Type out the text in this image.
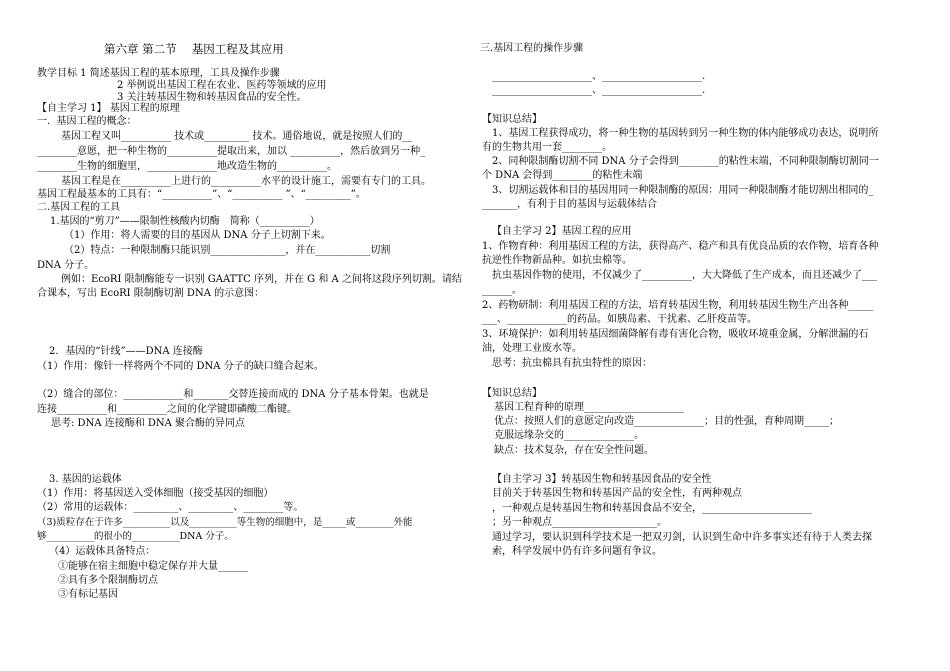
第六章 第二节　 基因工程及其应用
教学目标 1 简述基因工程的基本原理，工具及操作步骤
2 举例说出基因工程在农业、医药等领域的应用
3 关注转基因生物和转基因食品的安全性。
【自主学习 1】 基因工程的原理
一.  基因工程的概念：
基因工程又叫__________ 技术或_________ 技术。通俗地说，就是按照人们的__
________意愿，把一种生物的__________提取出来，加以 __________，然后放到另一种_
________生物的细胞里，______________地改造生物的__________。
基因工程是在__________上进行的__________水平的设计施工，需要有专门的工具。
基因工程最基本的工具有：“__________”、“__________ ”、“_________”。
二.基因工程的工具
1.基因的“剪刀”——限制性核酸内切酶　简称（__________）
（1）作用：将人需要的目的基因从 DNA 分子上切割下来。
（2）特点：一种限制酶只能识别_______________，并在___________切割
DNA 分子。
例如：EcoRI 限制酶能专一识别 GAATTC 序列，并在 G 和 A 之间将这段序列切割。请结
合课本，写出 EcoRI 限制酶切割 DNA 的示意图：
2．基因的“针线”——DNA 连接酶
（1）作用：像针一样将两个不同的 DNA 分子的缺口缝合起来。
（2）缝合的部位：____________和_______交替连接而成的 DNA 分子基本骨架。也就是
连接__________和__________之间的化学键即磷酸二酯键。
思考: DNA 连接酶和 DNA 聚合酶的异同点
3. 基因的运载体
（1）作用：将基因送入受体细胞（接受基因的细胞）
（2）常用的运载体：_________、_________、________等。
（3)质粒存在于许多__________以及__________等生物的细胞中，是_____或________外能
够__________的很小的__________DNA 分子。
（4）运载体具备特点：
①能够在宿主细胞中稳定保存并大量______
②具有多个限制酶切点
③有标记基因
三.基因工程的操作步骤
____________________、____________________.
____________________、____________________.
【知识总结】
1、基因工程获得成功，将一种生物的基因转到另一种生物的体内能够成功表达，说明所
有的生物共用一套________。
2、同种限制酶切割不同 DNA 分子会得到________的粘性末端，不同种限制酶切割同一
个 DNA 会得到________的粘性末端
3、切割运载体和目的基因用同一种限制酶的原因：用同一种限制酶才能切割出相同的_
_______，有利于目的基因与运载体结合
【自主学习 2】基因工程的应用
1、作物育种：利用基因工程的方法，获得高产、稳产和具有优良品质的农作物，培育各种
抗逆性作物新品种。如抗虫棉等。
抗虫基因作物的使用，不仅减少了__________，大大降低了生产成本，而且还减少了___
______。
2、药物研制：利用基因工程的方法，培育转基因生物，利用转基因生物生产出各种_____
___、____________的药品。如胰岛素、干扰素、乙肝疫苗等。
3、环境保护：如利用转基因细菌降解有毒有害化合物，吸收环境重金属，分解泄漏的石
油，处理工业废水等。
思考：抗虫棉具有抗虫特性的原因：
【知识总结】
基因工程育种的原理____________________
优点：按照人们的意愿定向改造______________；目的性强，育种周期_____；
克服远缘杂交的______________。
缺点：技术复杂，存在安全性问题。
【自主学习 3】转基因生物和转基因食品的安全性
目前关于转基因生物和转基因产品的安全性，有两种观点
，一种观点是转基因生物和转基因食品不安全，______________________
；另一种观点_____________________。
通过学习，要认识到科学技术是一把双刃剑，认识到生命中许多事实还有待于人类去探
索，科学发展中仍有许多问题有争议。
